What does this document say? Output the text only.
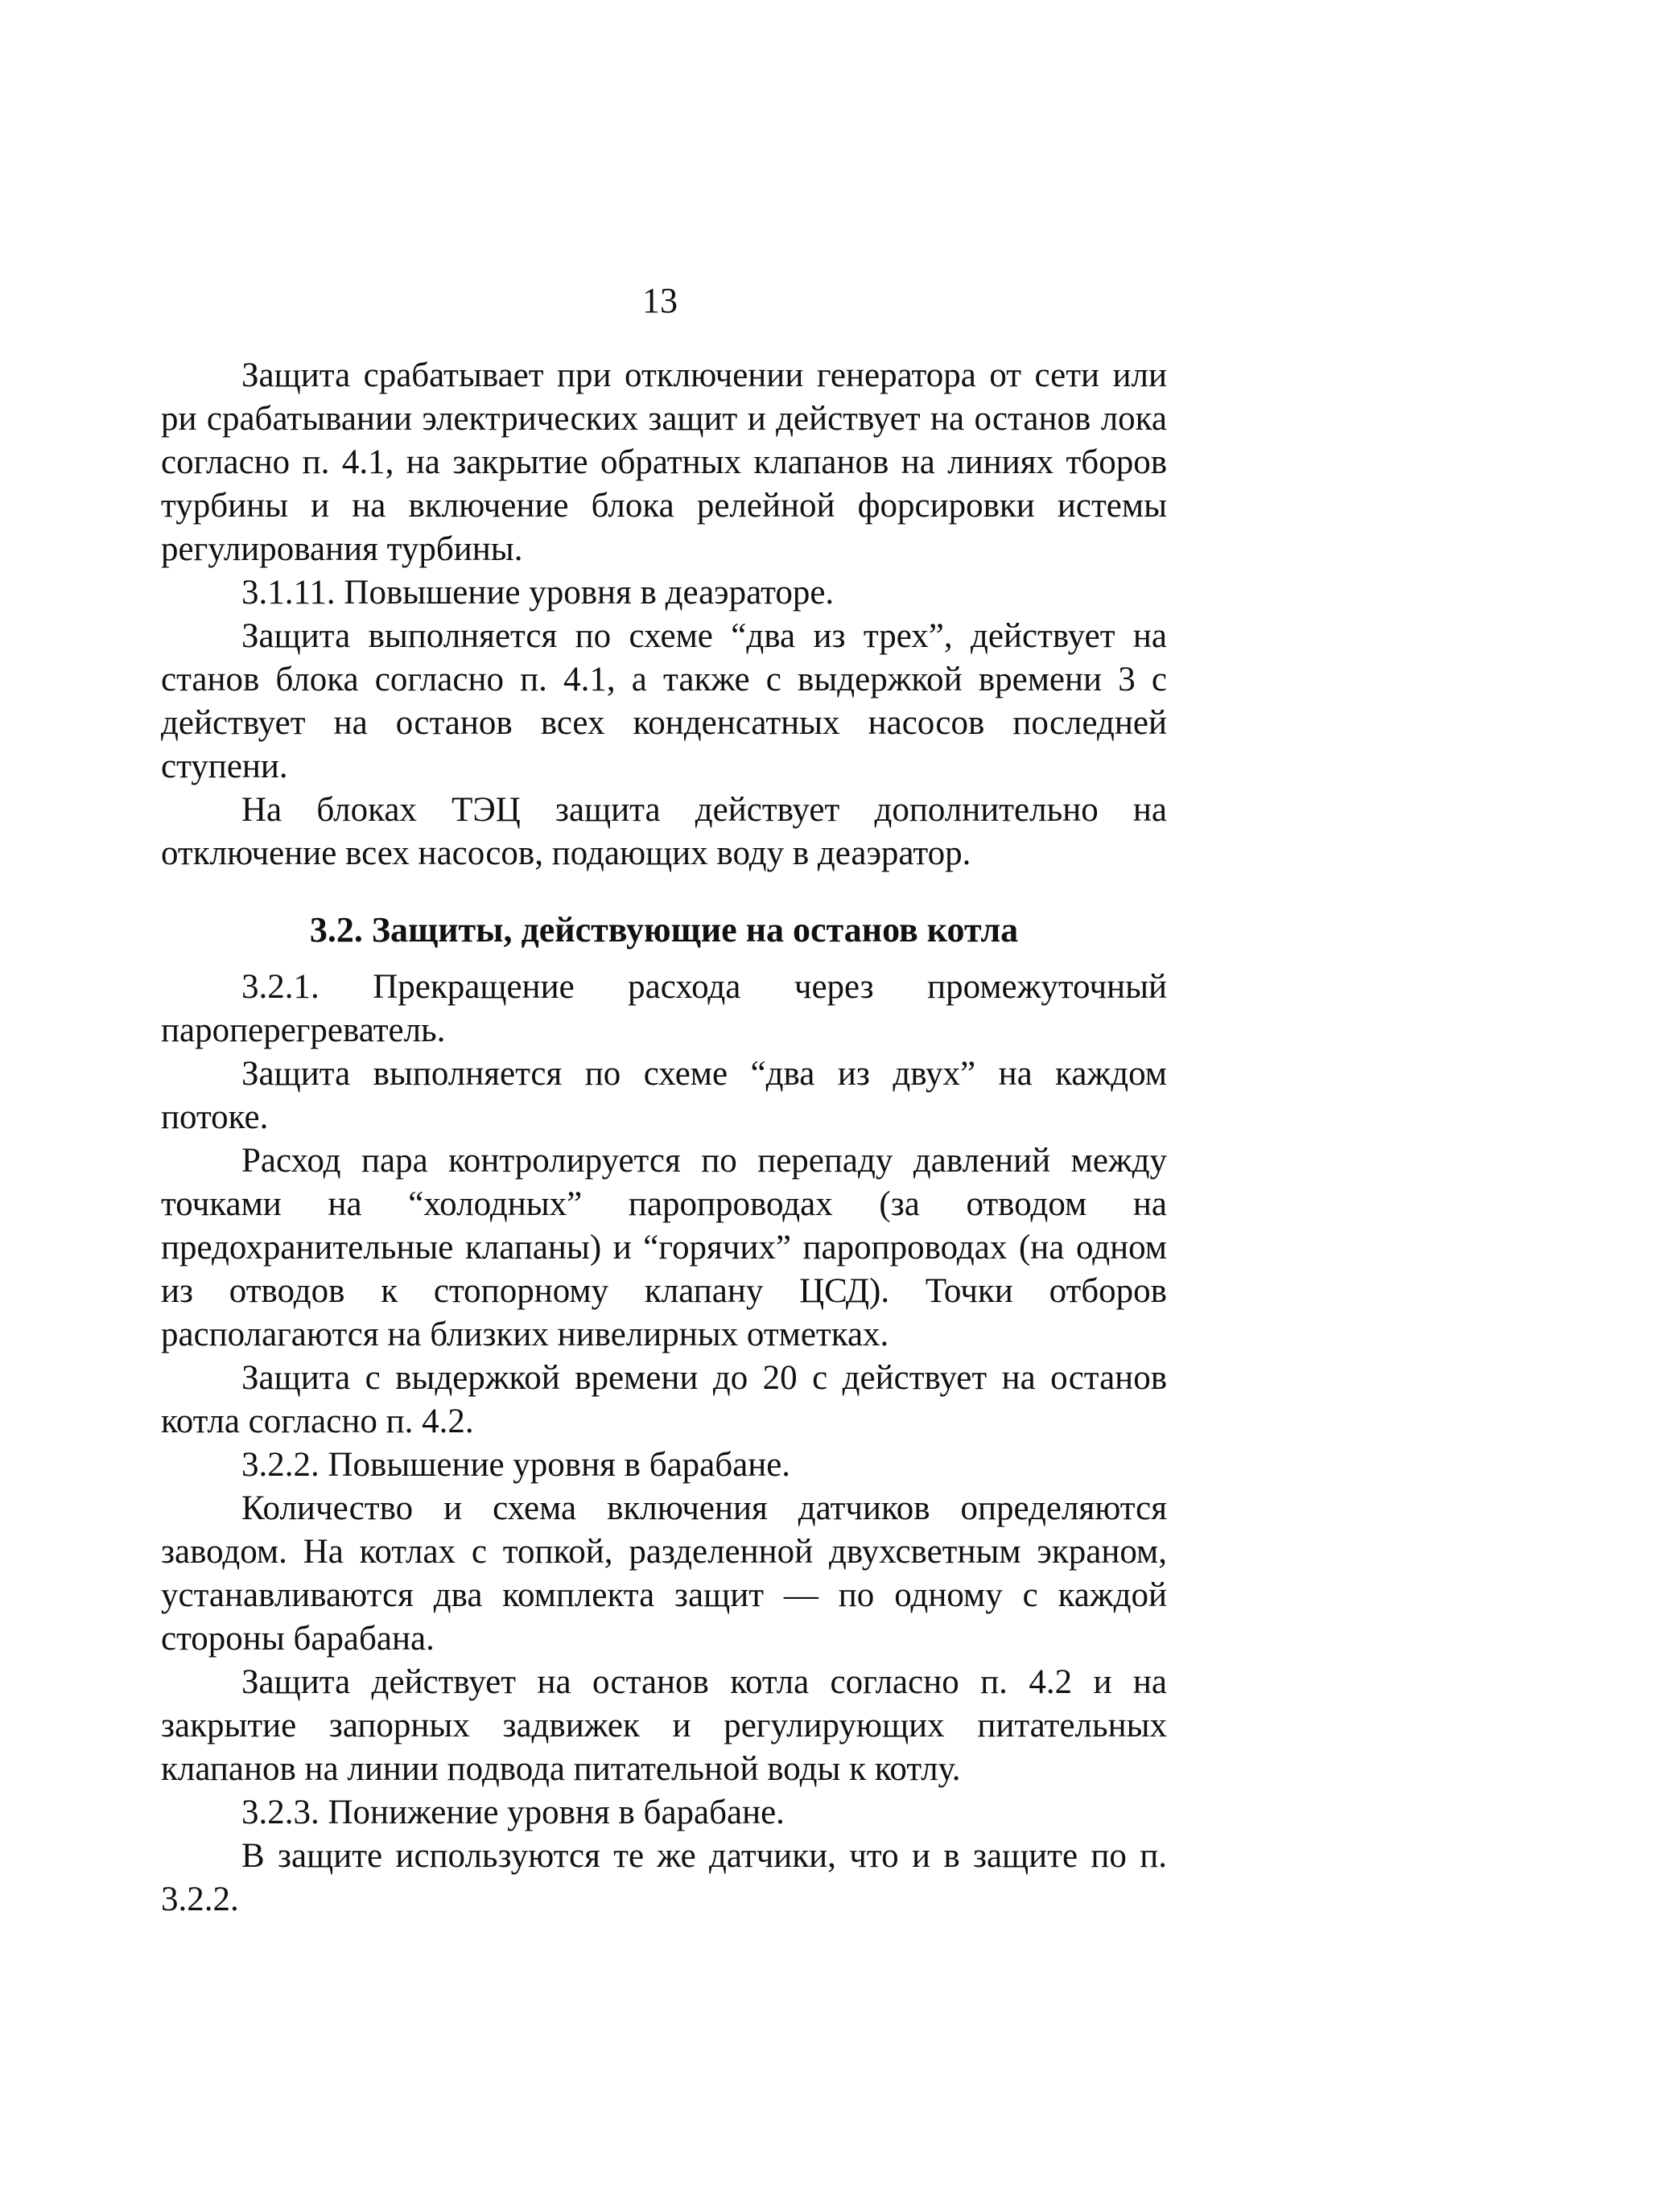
13

Защита срабатывает при отключении генератора от сети или ри срабатывании электрических защит и действует на останов лока согласно п. 4.1, на закрытие обратных клапанов на линиях тборов турбины и на включение блока релейной форсировки истемы регулирования турбины.

3.1.11. Повышение уровня в деаэраторе.

Защита выполняется по схеме “два из трех”, действует на станов блока согласно п. 4.1, а также с выдержкой времени 3 с действует на останов всех конденсатных насосов последней ступени.

На блоках ТЭЦ защита действует дополнительно на отключение всех насосов, подающих воду в деаэратор.

3.2. Защиты, действующие на останов котла

3.2.1. Прекращение расхода через промежуточный пароперегреватель.

Защита выполняется по схеме “два из двух” на каждом потоке.

Расход пара контролируется по перепаду давлений между точками на “холодных” паропроводах (за отводом на предохранительные клапаны) и “горячих” паропроводах (на одном из отводов к стопорному клапану ЦСД). Точки отборов располагаются на близких нивелирных отметках.

Защита с выдержкой времени до 20 с действует на останов котла согласно п. 4.2.

3.2.2. Повышение уровня в барабане.

Количество и схема включения датчиков определяются заводом. На котлах с топкой, разделенной двухсветным экраном, устанавливаются два комплекта защит — по одному с каждой стороны барабана.

Защита действует на останов котла согласно п. 4.2 и на закрытие запорных задвижек и регулирующих питательных клапанов на линии подвода питательной воды к котлу.

3.2.3. Понижение уровня в барабане.

В защите используются те же датчики, что и в защите по п. 3.2.2.
